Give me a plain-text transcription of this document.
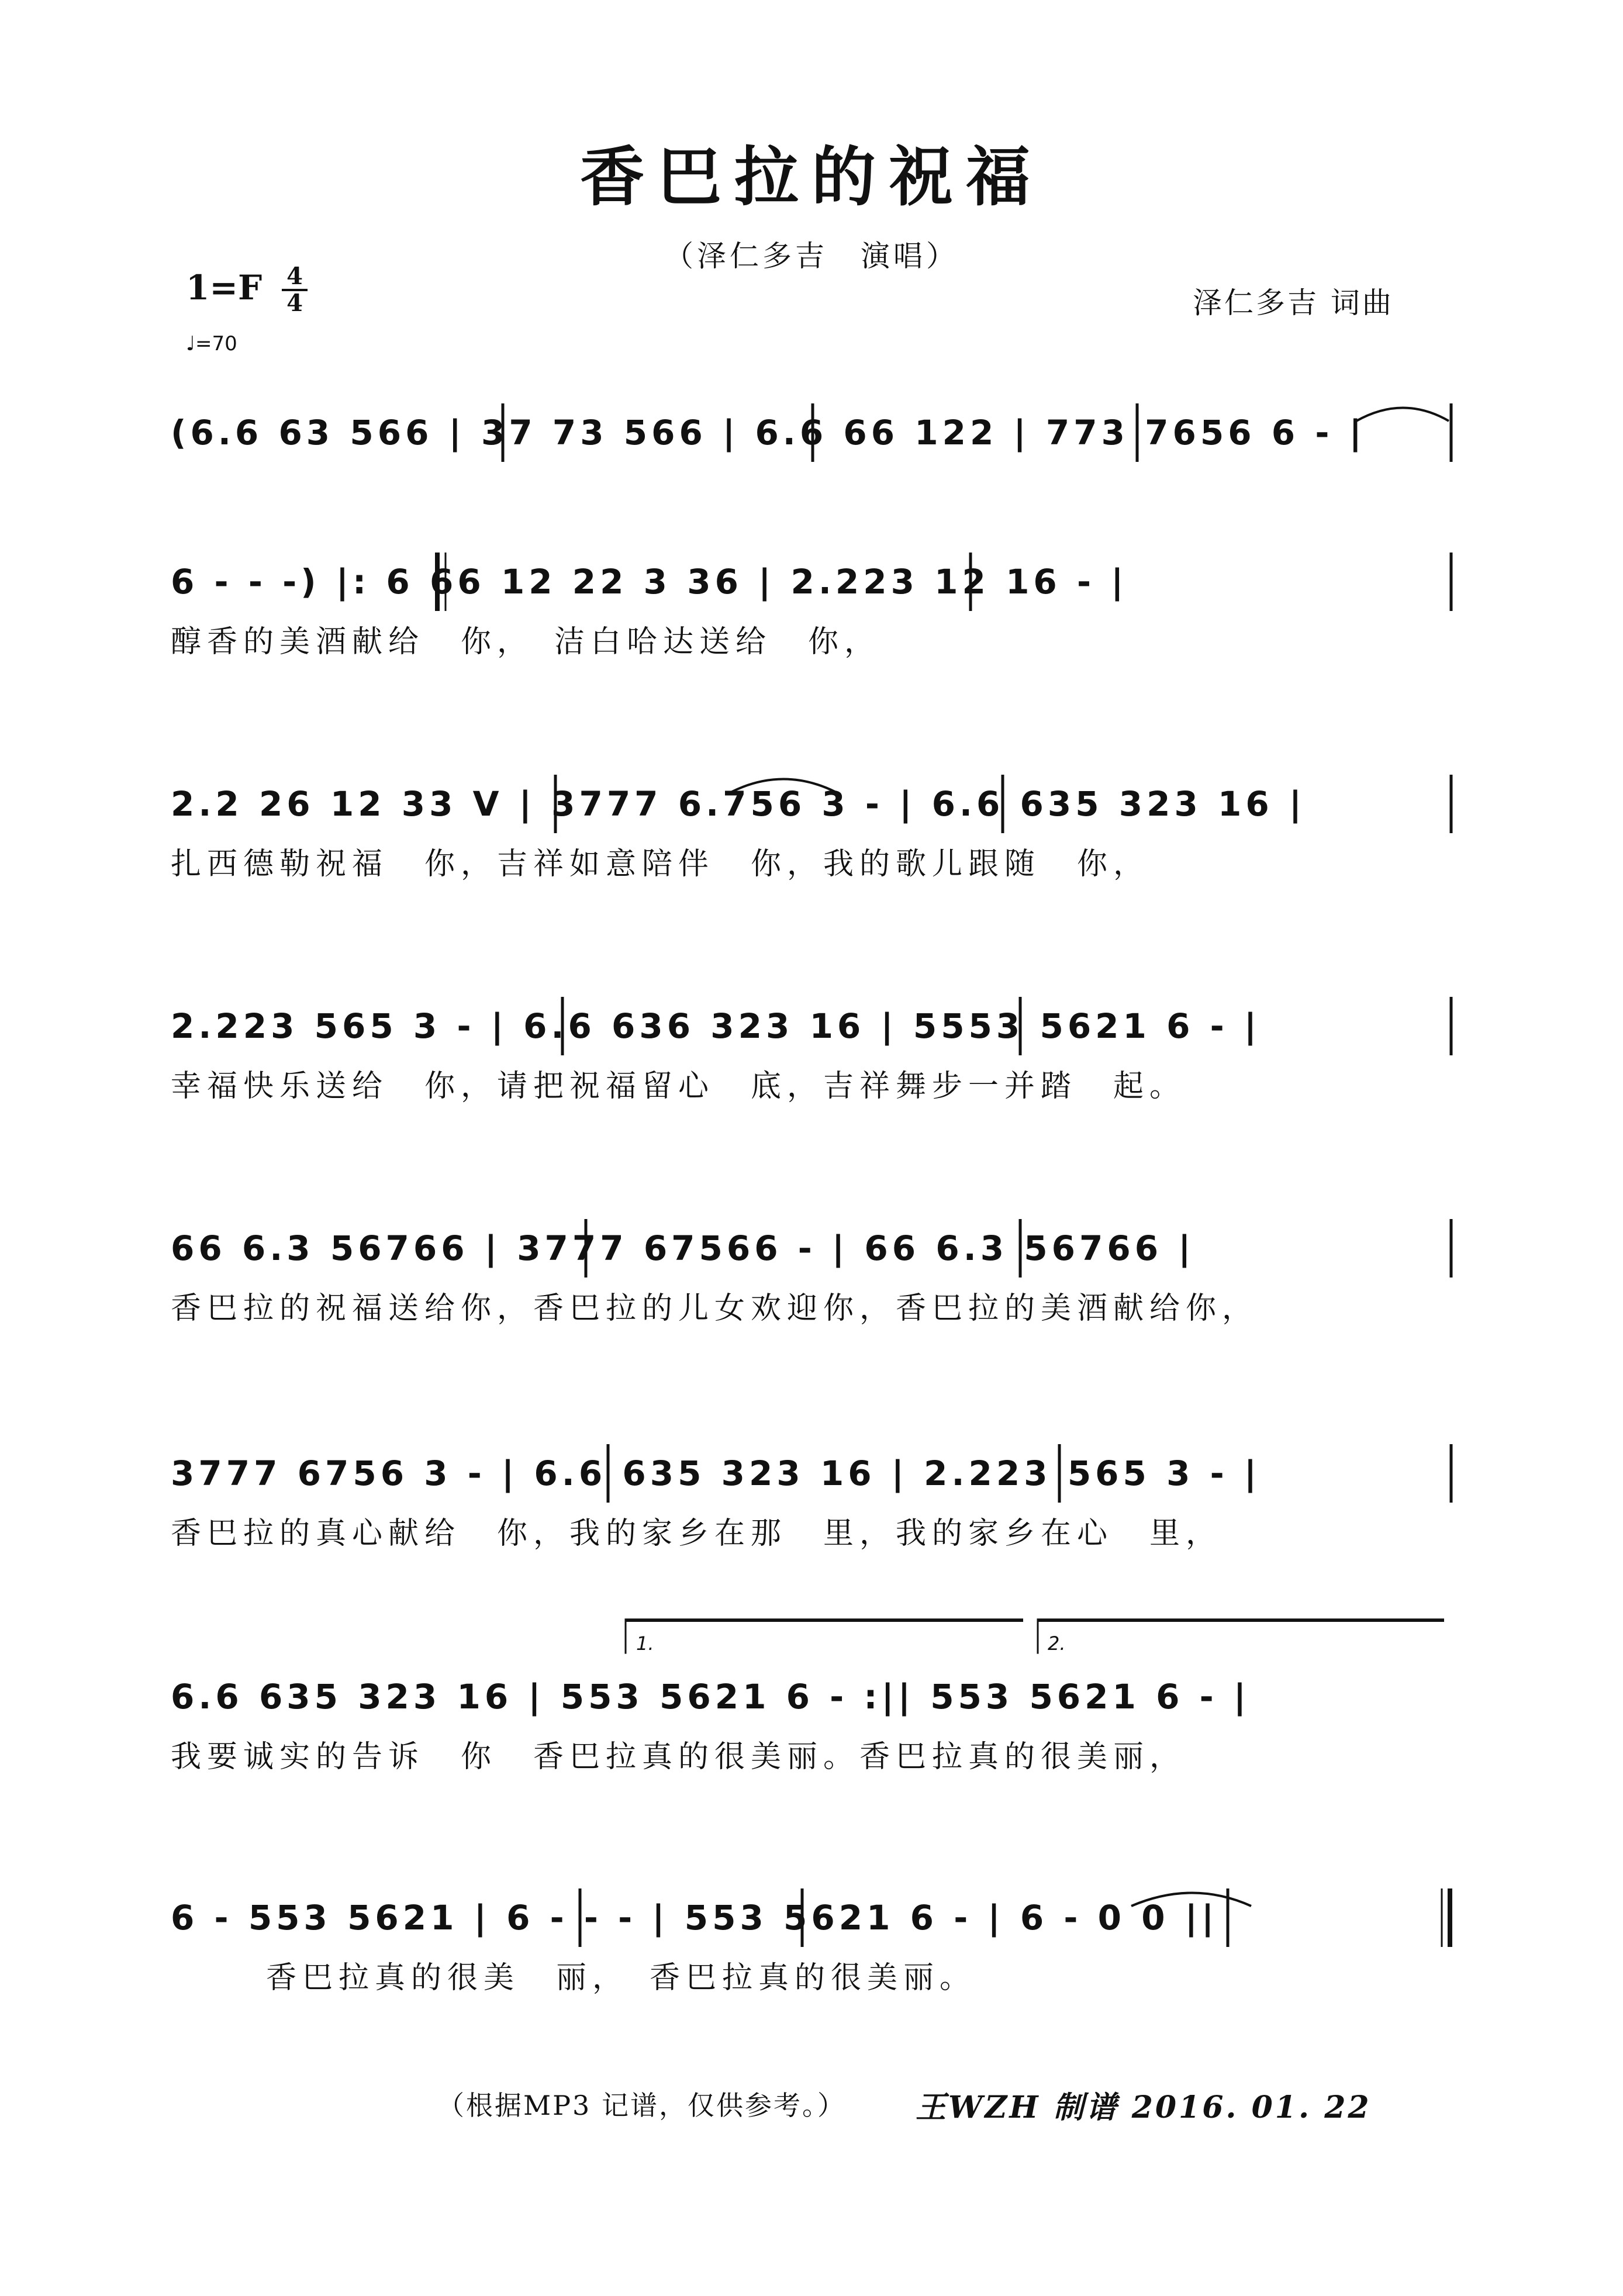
香巴拉的祝福
（泽仁多吉　演唱）
1=F 4
4
♩=70
泽仁多吉 词曲
(6.6 63 566 | 37 73 566 | 6.6 66 122 | 773 7656 6 - |
6 - - -) |: 6 66 12 22 3 36 | 2.223 12 16 - |
醇香的美酒献给　你，　洁白哈达送给　你，
2.2 26 12 33 V | 3777 6.756 3 - | 6.6 635 323 16 |
扎西德勒祝福　你，吉祥如意陪伴　你，我的歌儿跟随　你，
2.223 565 3 - | 6.6 636 323 16 | 5553 5621 6 - |
幸福快乐送给　你，请把祝福留心　底，吉祥舞步一并踏　起。
66 6.3 56766 | 3777 67566 - | 66 6.3 56766 |
香巴拉的祝福送给你，香巴拉的儿女欢迎你，香巴拉的美酒献给你，
3777 6756 3 - | 6.6 635 323 16 | 2.223 565 3 - |
香巴拉的真心献给　你，我的家乡在那　里，我的家乡在心　里，
1.	2.
6.6 635 323 16 | 553 5621 6 - :|| 553 5621 6 - |
我要诚实的告诉　你　香巴拉真的很美丽。香巴拉真的很美丽，
6 - 553 5621 | 6 - - - | 553 5621 6 - | 6 - 0 0 ||
香巴拉真的很美　丽，　香巴拉真的很美丽。
（根据MP3 记谱，仅供参考。） 王WZH 制谱 2016. 01. 22
